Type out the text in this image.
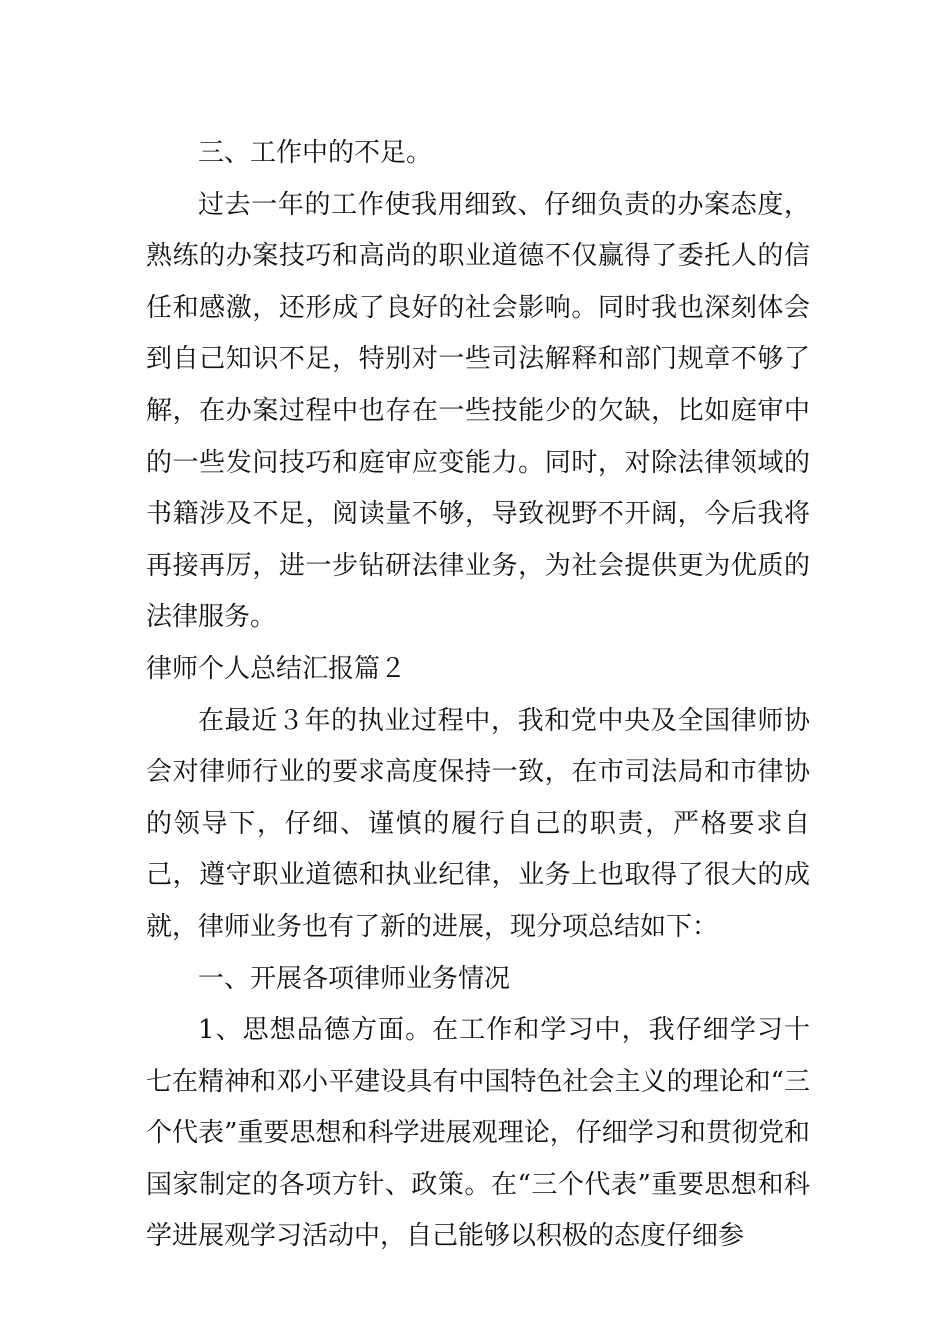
三、工作中的不足。

过去一年的工作使我用细致、仔细负责的办案态度，熟练的办案技巧和高尚的职业道德不仅赢得了委托人的信任和感激，还形成了良好的社会影响。同时我也深刻体会到自己知识不足，特别对一些司法解释和部门规章不够了解，在办案过程中也存在一些技能少的欠缺，比如庭审中的一些发问技巧和庭审应变能力。同时，对除法律领域的书籍涉及不足，阅读量不够，导致视野不开阔，今后我将再接再厉，进一步钻研法律业务，为社会提供更为优质的法律服务。

律师个人总结汇报篇２

在最近３年的执业过程中，我和党中央及全国律师协会对律师行业的要求高度保持一致，在市司法局和市律协的领导下，仔细、谨慎的履行自己的职责，严格要求自己，遵守职业道德和执业纪律，业务上也取得了很大的成就，律师业务也有了新的进展，现分项总结如下：

一、开展各项律师业务情况

1、思想品德方面。在工作和学习中，我仔细学习十七在精神和邓小平建设具有中国特色社会主义的理论和“三个代表”重要思想和科学进展观理论，仔细学习和贯彻党和国家制定的各项方针、政策。在“三个代表”重要思想和科学进展观学习活动中，自己能够以积极的态度仔细参
